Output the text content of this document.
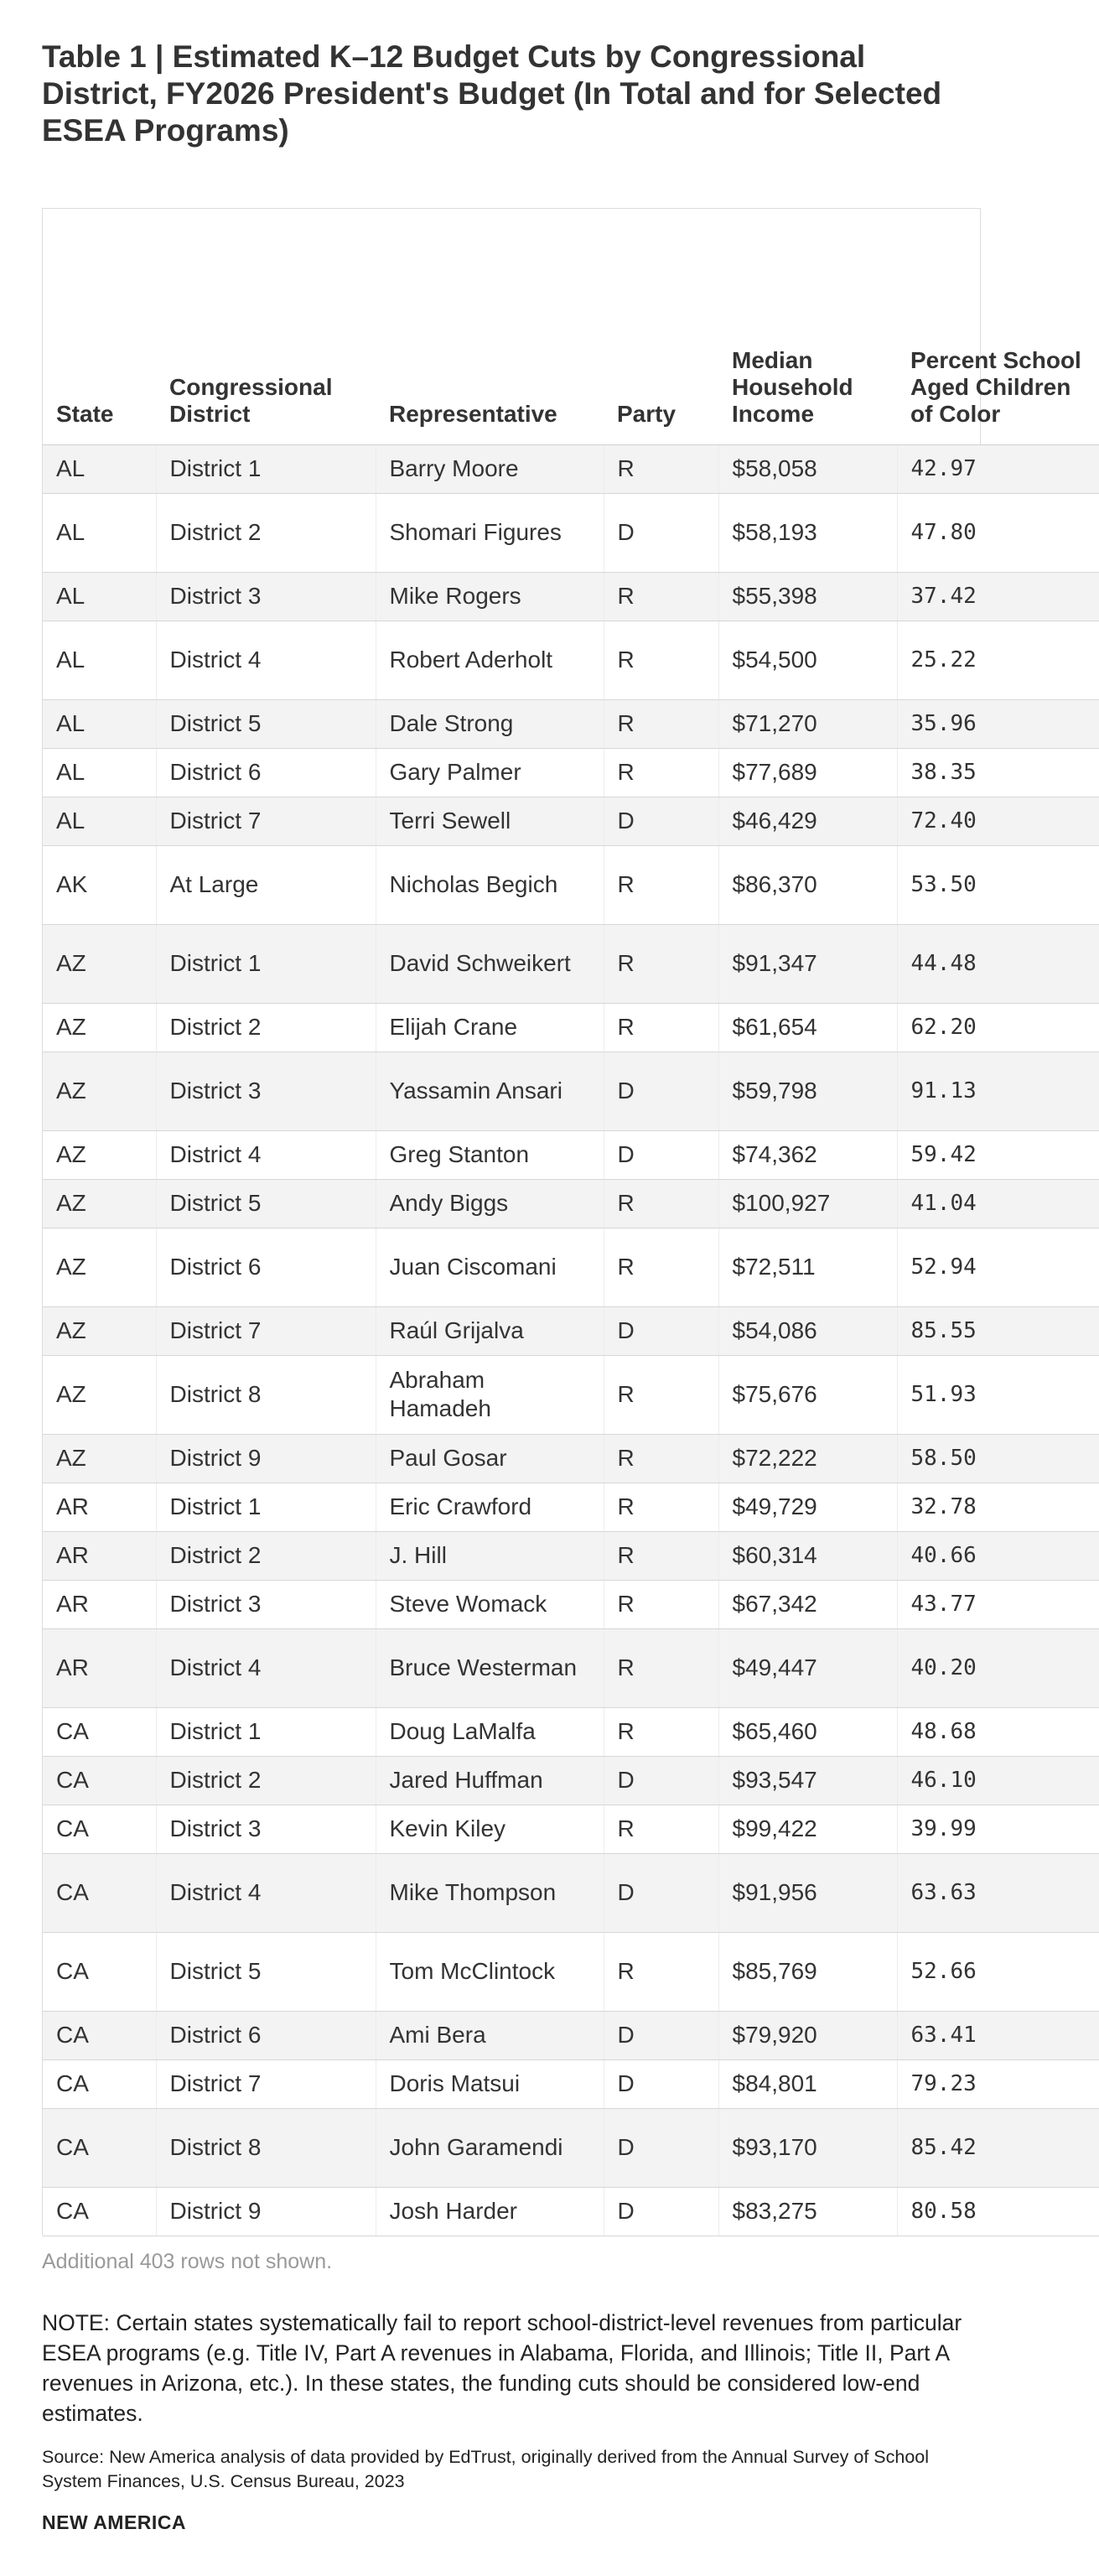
Table 1 | Estimated K–12 Budget Cuts by Congressional District, FY2026 President's Budget (In Total and for Selected ESEA Programs)
State	Congressional District	Representative	Party	Median Household Income	Percent School Aged Children of Color
AL	District 1	Barry Moore	R	$58,058	42.97
AL	District 2	Shomari Figures	D	$58,193	47.80
AL	District 3	Mike Rogers	R	$55,398	37.42
AL	District 4	Robert Aderholt	R	$54,500	25.22
AL	District 5	Dale Strong	R	$71,270	35.96
AL	District 6	Gary Palmer	R	$77,689	38.35
AL	District 7	Terri Sewell	D	$46,429	72.40
AK	At Large	Nicholas Begich	R	$86,370	53.50
AZ	District 1	David Schweikert	R	$91,347	44.48
AZ	District 2	Elijah Crane	R	$61,654	62.20
AZ	District 3	Yassamin Ansari	D	$59,798	91.13
AZ	District 4	Greg Stanton	D	$74,362	59.42
AZ	District 5	Andy Biggs	R	$100,927	41.04
AZ	District 6	Juan Ciscomani	R	$72,511	52.94
AZ	District 7	Raúl Grijalva	D	$54,086	85.55
AZ	District 8	Abraham Hamadeh	R	$75,676	51.93
AZ	District 9	Paul Gosar	R	$72,222	58.50
AR	District 1	Eric Crawford	R	$49,729	32.78
AR	District 2	J. Hill	R	$60,314	40.66
AR	District 3	Steve Womack	R	$67,342	43.77
AR	District 4	Bruce Westerman	R	$49,447	40.20
CA	District 1	Doug LaMalfa	R	$65,460	48.68
CA	District 2	Jared Huffman	D	$93,547	46.10
CA	District 3	Kevin Kiley	R	$99,422	39.99
CA	District 4	Mike Thompson	D	$91,956	63.63
CA	District 5	Tom McClintock	R	$85,769	52.66
CA	District 6	Ami Bera	D	$79,920	63.41
CA	District 7	Doris Matsui	D	$84,801	79.23
CA	District 8	John Garamendi	D	$93,170	85.42
CA	District 9	Josh Harder	D	$83,275	80.58

Additional 403 rows not shown.

NOTE: Certain states systematically fail to report school-district-level revenues from particular ESEA programs (e.g. Title IV, Part A revenues in Alabama, Florida, and Illinois; Title II, Part A revenues in Arizona, etc.). In these states, the funding cuts should be considered low-end estimates.

Source: New America analysis of data provided by EdTrust, originally derived from the Annual Survey of School System Finances, U.S. Census Bureau, 2023

NEW AMERICA
